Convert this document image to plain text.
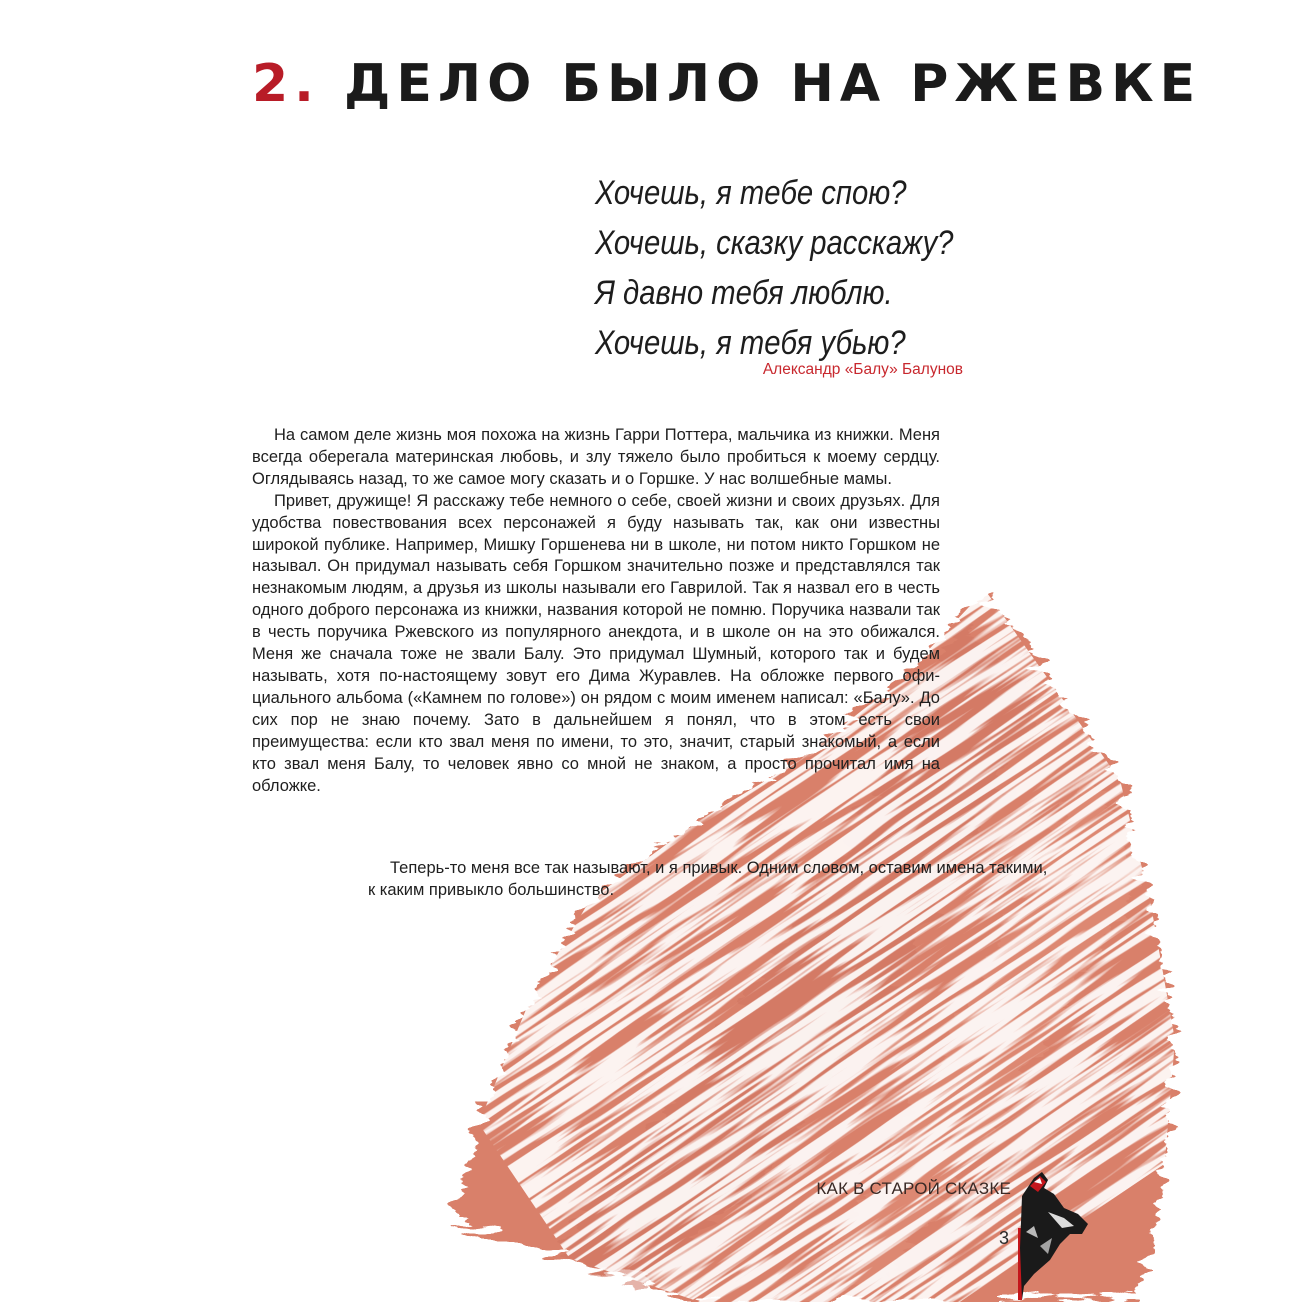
2. ДЕЛО БЫЛО НА РЖЕВКЕ
Хочешь, я тебе спою?
Хочешь, сказку расскажу?
Я давно тебя люблю.
Хочешь, я тебя убью?
Александр «Балу» Балунов

На самом деле жизнь моя похожа на жизнь Гарри Поттера, мальчика из книжки. Меня всегда оберегала материнская любовь, и злу тяжело было пробиться к моему сердцу. Оглядываясь назад, то же самое могу сказать и о Горшке. У нас волшебные мамы.

Привет, дружище! Я расскажу тебе немного о себе, своей жизни и своих друзьях. Для удобства повествования всех персонажей я буду называть так, как они известны широкой публике. Например, Мишку Горшенева ни в школе, ни потом никто Горшком не называл. Он придумал называть себя Горшком значительно позже и представлялся так незнакомым людям, а друзья из школы называли его Гаврилой. Так я назвал его в честь одного доброго персонажа из книжки, названия которой не помню. Поручика назвали так в честь поручика Ржевского из популярного анекдота, и в школе он на это обижался. Меня же сначала тоже не звали Балу. Это придумал Шумный, которого так и будем называть, хотя по-настоящему зовут его Дима Журавлев. На обложке первого официального альбома («Камнем по голове») он рядом с моим именем написал: «Балу». До сих пор не знаю почему. Зато в дальнейшем я понял, что в этом есть свои преимущества: если кто звал меня по имени, то это, значит, старый знакомый, а если кто звал меня Балу, то человек явно со мной не знаком, а просто прочитал имя на обложке.

Теперь-то меня все так называют, и я привык. Одним словом, оставим имена такими, к каким привыкло большинство.

КАК В СТАРОЙ СКАЗКЕ
3
